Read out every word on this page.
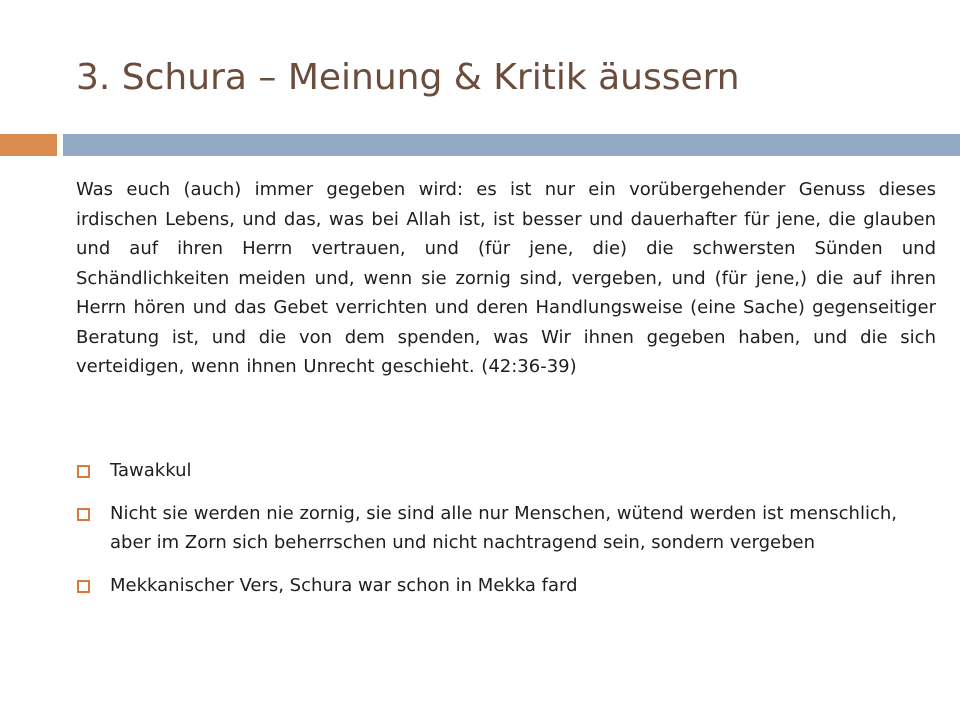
3. Schura – Meinung & Kritik äussern

Was euch (auch) immer gegeben wird: es ist nur ein vorübergehender Genuss dieses irdischen Lebens, und das, was bei Allah ist, ist besser und dauerhafter für jene, die glauben und auf ihren Herrn vertrauen, und (für jene, die) die schwersten Sünden und Schändlichkeiten meiden und, wenn sie zornig sind, vergeben, und (für jene,) die auf ihren Herrn hören und das Gebet verrichten und deren Handlungsweise (eine Sache) gegenseitiger Beratung ist, und die von dem spenden, was Wir ihnen gegeben haben, und die sich verteidigen, wenn ihnen Unrecht geschieht. (42:36-39)

Tawakkul
Nicht sie werden nie zornig, sie sind alle nur Menschen, wütend werden ist menschlich, aber im Zorn sich beherrschen und nicht nachtragend sein, sondern vergeben
Mekkanischer Vers, Schura war schon in Mekka fard
